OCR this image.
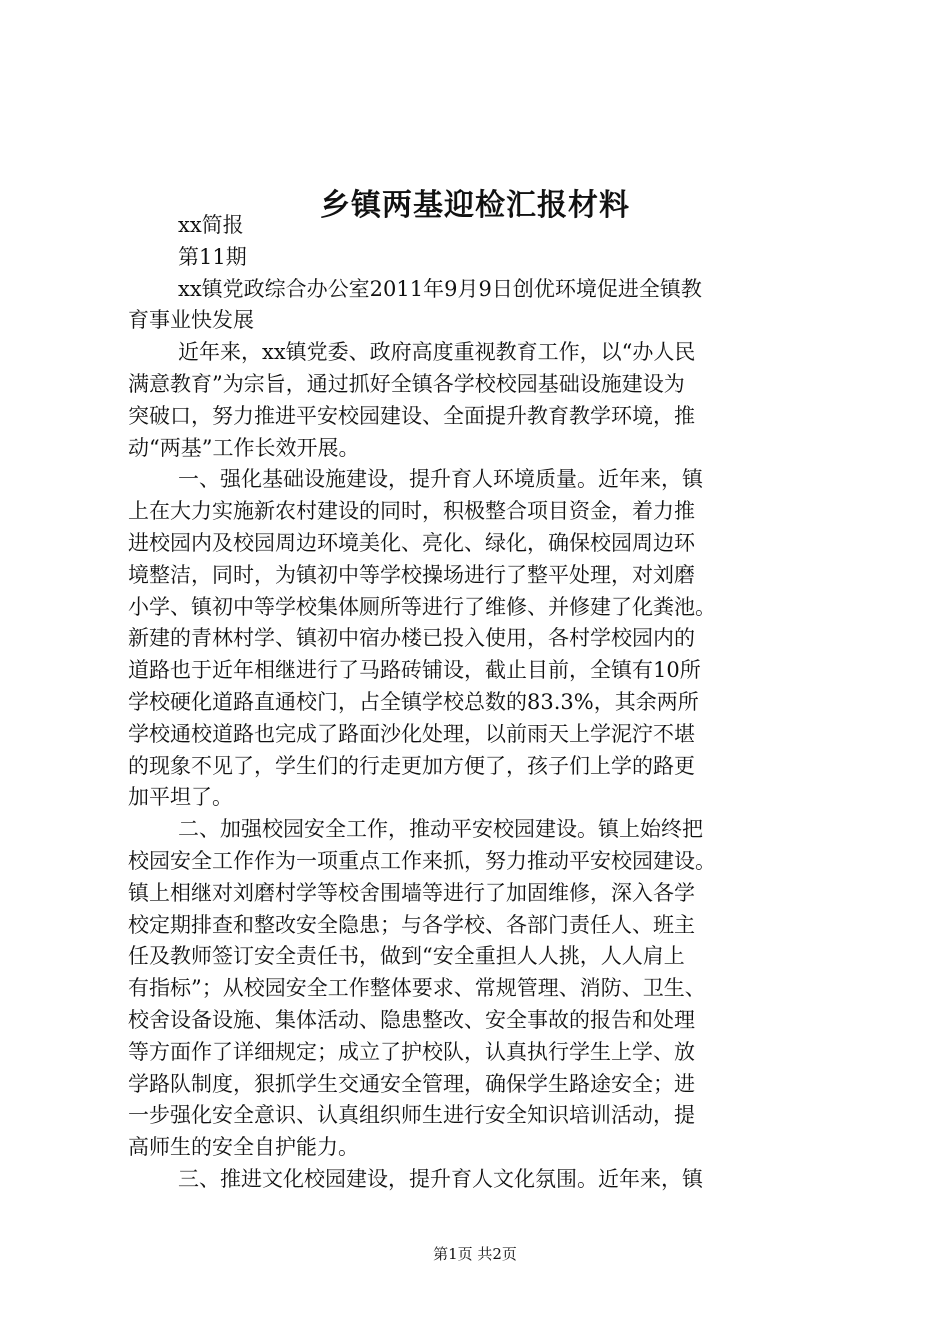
乡镇两基迎检汇报材料
xx简报
第11期
xx镇党政综合办公室2011年9月9日创优环境促进全镇教
育事业快发展
近年来，xx镇党委、政府高度重视教育工作，以“办人民
满意教育”为宗旨，通过抓好全镇各学校校园基础设施建设为
突破口，努力推进平安校园建设、全面提升教育教学环境，推
动“两基”工作长效开展。
一、强化基础设施建设，提升育人环境质量。近年来，镇
上在大力实施新农村建设的同时，积极整合项目资金，着力推
进校园内及校园周边环境美化、亮化、绿化，确保校园周边环
境整洁，同时，为镇初中等学校操场进行了整平处理，对刘磨
小学、镇初中等学校集体厕所等进行了维修、并修建了化粪池。
新建的青林村学、镇初中宿办楼已投入使用，各村学校园内的
道路也于近年相继进行了马路砖铺设，截止目前，全镇有10所
学校硬化道路直通校门，占全镇学校总数的83.3%，其余两所
学校通校道路也完成了路面沙化处理，以前雨天上学泥泞不堪
的现象不见了，学生们的行走更加方便了，孩子们上学的路更
加平坦了。
二、加强校园安全工作，推动平安校园建设。镇上始终把
校园安全工作作为一项重点工作来抓，努力推动平安校园建设。
镇上相继对刘磨村学等校舍围墙等进行了加固维修，深入各学
校定期排查和整改安全隐患；与各学校、各部门责任人、班主
任及教师签订安全责任书，做到“安全重担人人挑，人人肩上
有指标”；从校园安全工作整体要求、常规管理、消防、卫生、
校舍设备设施、集体活动、隐患整改、安全事故的报告和处理
等方面作了详细规定；成立了护校队，认真执行学生上学、放
学路队制度，狠抓学生交通安全管理，确保学生路途安全；进
一步强化安全意识、认真组织师生进行安全知识培训活动，提
高师生的安全自护能力。
三、推进文化校园建设，提升育人文化氛围。近年来，镇
第1页 共2页
